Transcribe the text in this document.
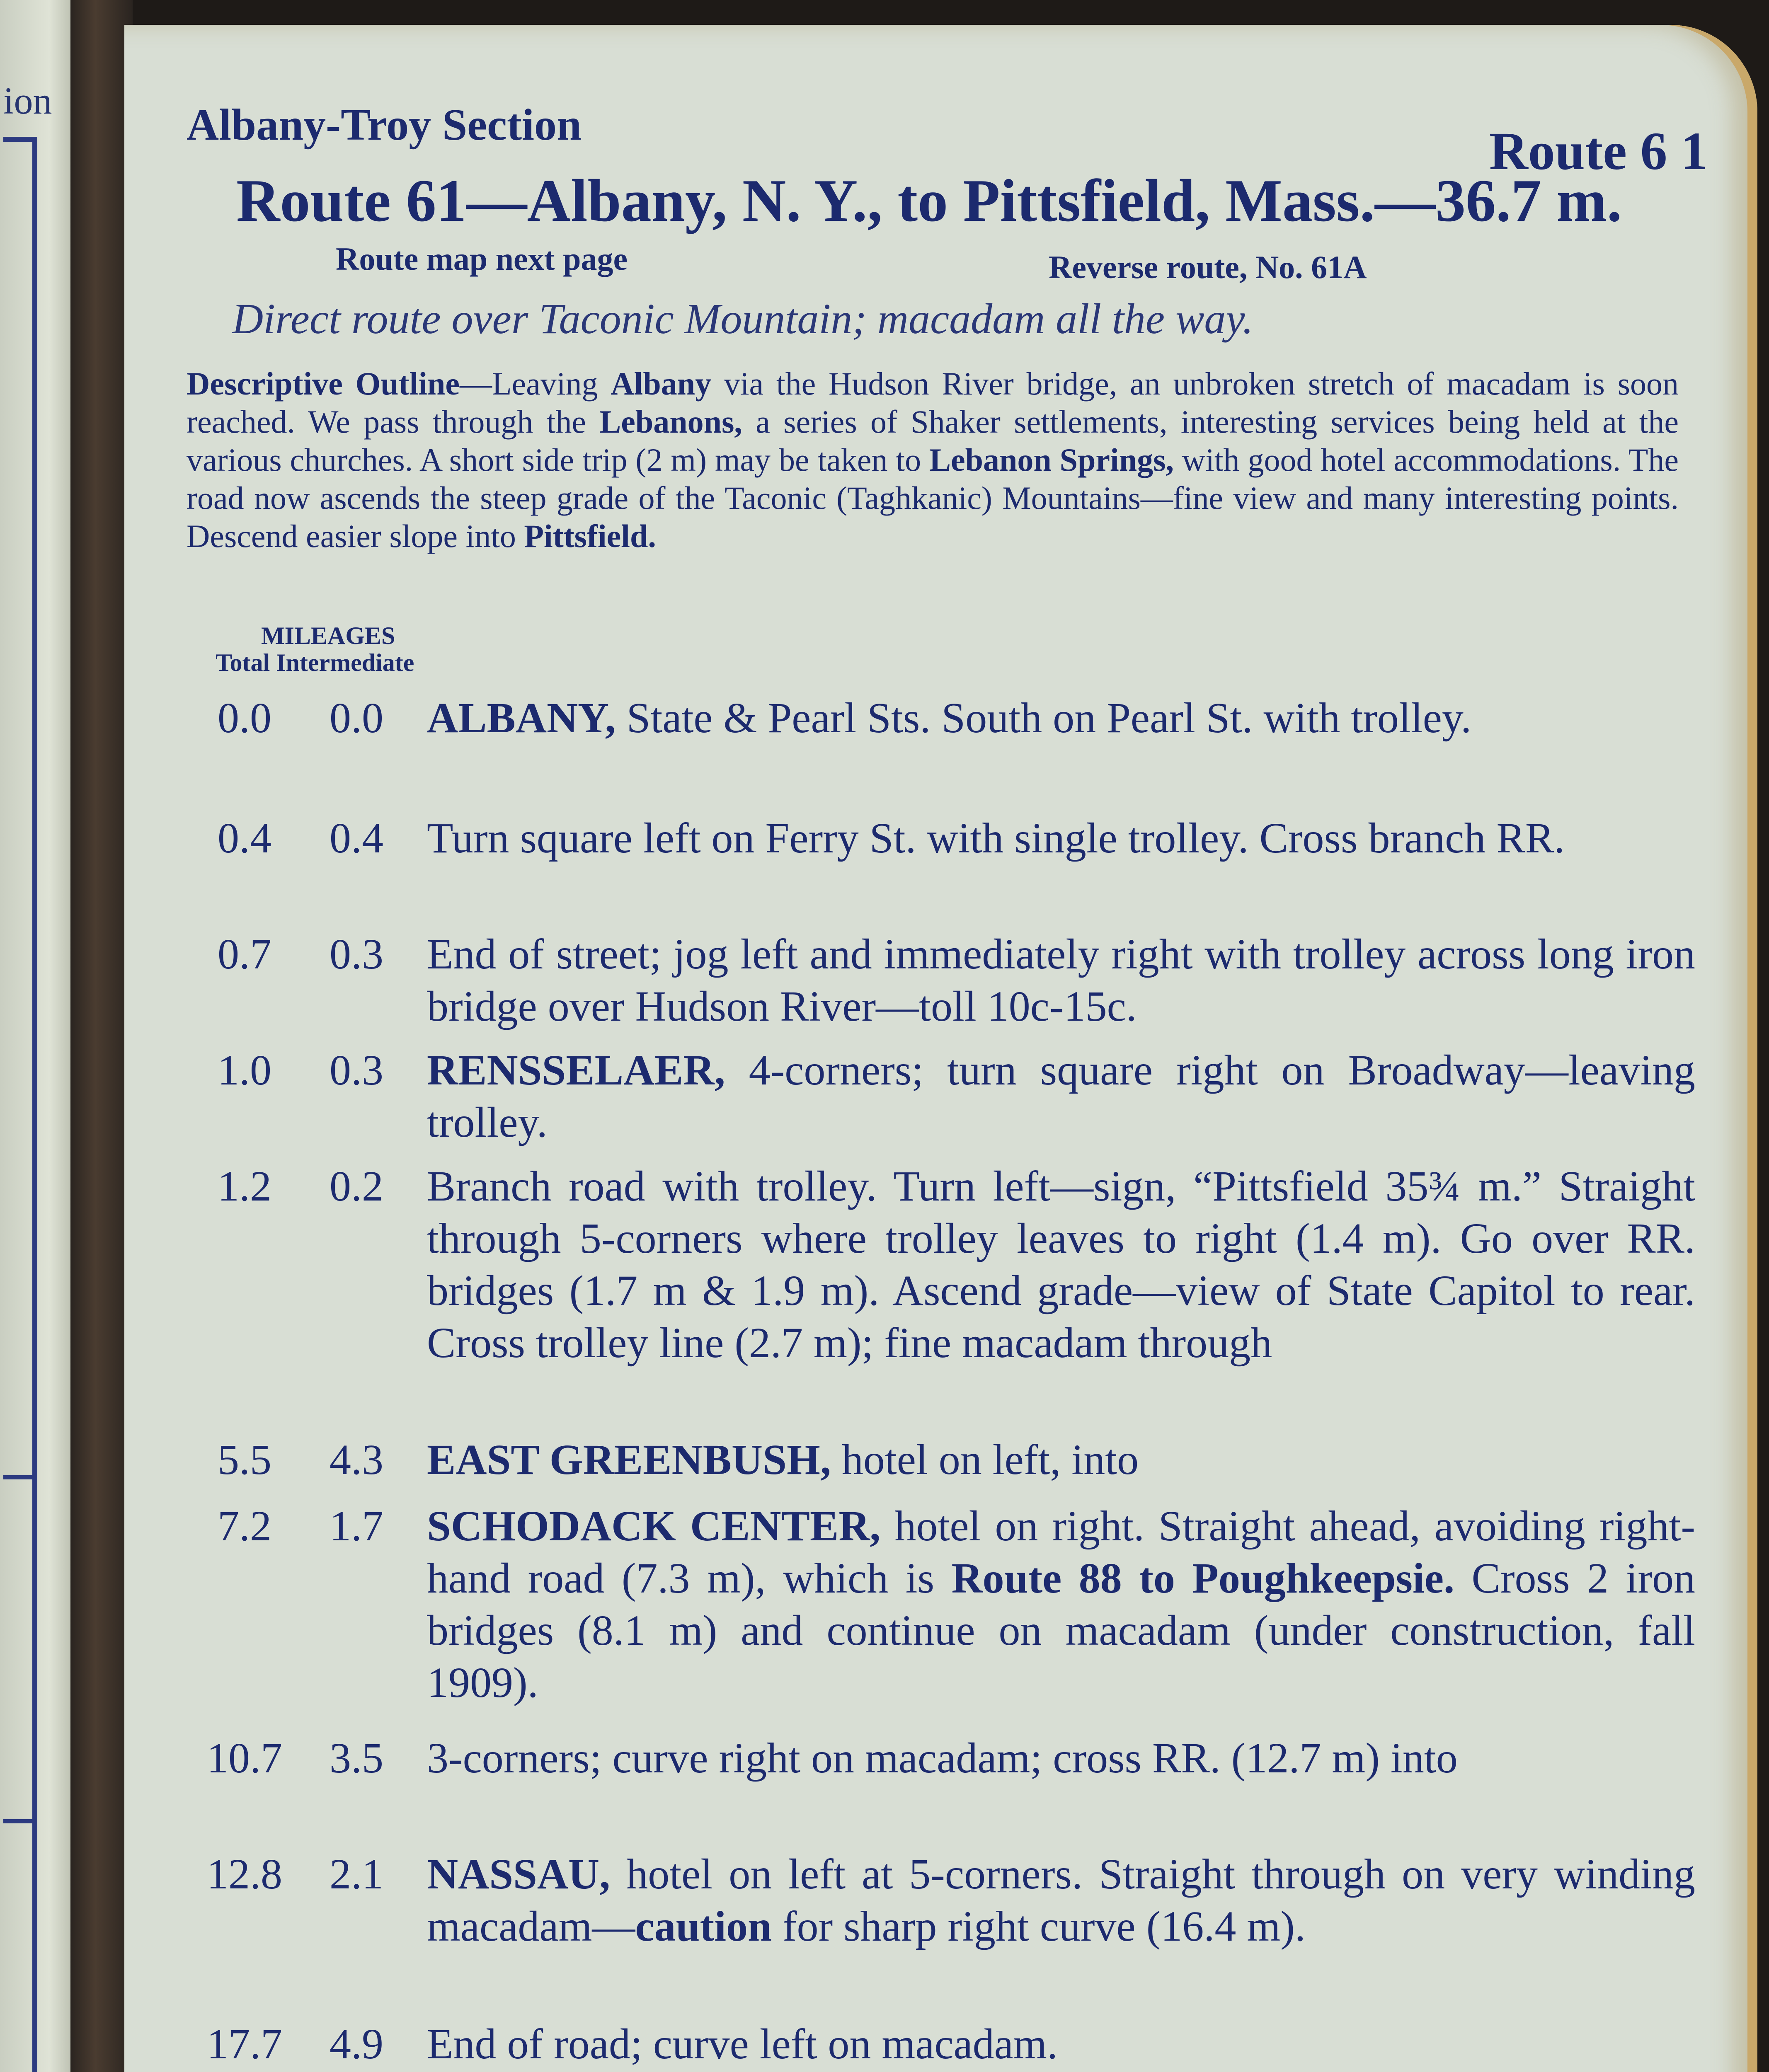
ion	Albany-Troy Section	Route 6 1
Route 61—Albany, N. Y., to Pittsfield, Mass.—36.7 m.
Route map next page	Reverse route, No. 61A
Direct route over Taconic Mountain; macadam all the way.
Descriptive Outline—Leaving Albany via the Hudson River bridge, an unbroken stretch of macadam is soon reached. We pass through the Lebanons, a series of Shaker settlements, interesting services being held at the various churches. A short side trip (2 m) may be taken to Lebanon Springs, with good hotel accommodations. The road now ascends the steep grade of the Taconic (Taghkanic) Mountains—fine view and many interesting points. Descend easier slope into Pittsfield.
MILEAGES
Total Intermediate
0.0	0.0	ALBANY, State & Pearl Sts. South on Pearl St. with trolley.
0.4	0.4	Turn square left on Ferry St. with single trolley. Cross branch RR.
0.7	0.3	End of street; jog left and immediately right with trolley across long iron bridge over Hudson River—toll 10c-15c.
1.0	0.3	RENSSELAER, 4-corners; turn square right on Broadway—leaving trolley.
1.2	0.2	Branch road with trolley. Turn left—sign, “Pittsfield 35¾ m.” Straight through 5-corners where trolley leaves to right (1.4 m). Go over RR. bridges (1.7 m & 1.9 m). Ascend grade—view of State Capitol to rear. Cross trolley line (2.7 m); fine macadam through
5.5	4.3	EAST GREENBUSH, hotel on left, into
7.2	1.7	SCHODACK CENTER, hotel on right. Straight ahead, avoiding right-hand road (7.3 m), which is Route 88 to Poughkeepsie. Cross 2 iron bridges (8.1 m) and continue on macadam (under construction, fall 1909).
10.7	3.5	3-corners; curve right on macadam; cross RR. (12.7 m) into
12.8	2.1	NASSAU, hotel on left at 5-corners. Straight through on very winding macadam—caution for sharp right curve (16.4 m).
17.7	4.9	End of road; curve left on macadam.
